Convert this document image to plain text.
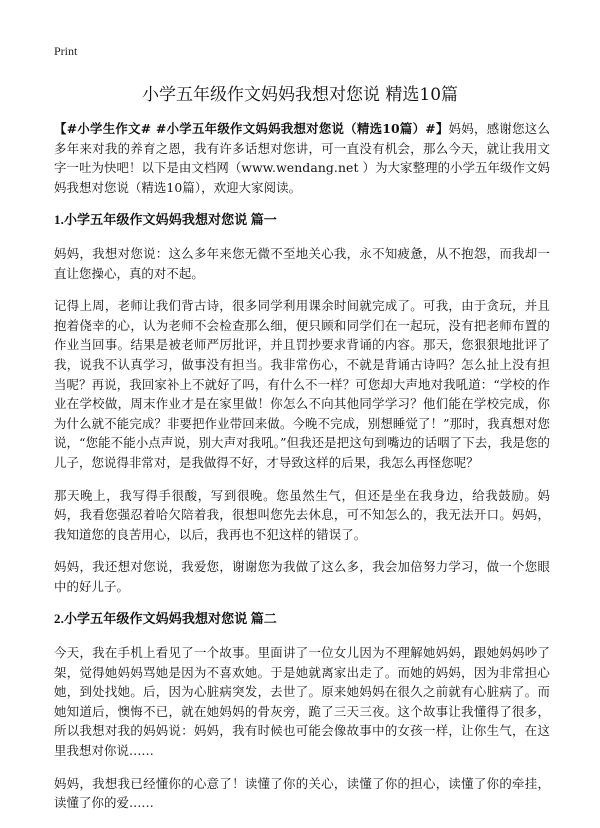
Print
小学五年级作文妈妈我想对您说 精选10篇

【#小学生作文# #小学五年级作文妈妈我想对您说（精选10篇）#】妈妈，感谢您这么多年来对我的养育之恩，我有许多话想对您讲，可一直没有机会，那么今天，就让我用文字一吐为快吧！以下是由文档网（www.wendang.net ）为大家整理的小学五年级作文妈妈我想对您说（精选10篇），欢迎大家阅读。

1.小学五年级作文妈妈我想对您说 篇一

妈妈，我想对您说：这么多年来您无微不至地关心我，永不知疲惫，从不抱怨，而我却一直让您操心，真的对不起。

记得上周，老师让我们背古诗，很多同学利用课余时间就完成了。可我，由于贪玩，并且抱着侥幸的心，认为老师不会检查那么细，便只顾和同学们在一起玩，没有把老师布置的作业当回事。结果是被老师严厉批评，并且罚抄要求背诵的内容。那天，您狠狠地批评了我，说我不认真学习，做事没有担当。我非常伤心，不就是背诵古诗吗？怎么扯上没有担当呢？再说，我回家补上不就好了吗，有什么不一样？可您却大声地对我吼道：“学校的作业在学校做，周末作业才是在家里做！你怎么不向其他同学学习？他们能在学校完成，你为什么就不能完成？非要把作业带回来做。今晚不完成，别想睡觉了！”那时，我真想对您说，“您能不能小点声说，别大声对我吼。”但我还是把这句到嘴边的话咽了下去，我是您的儿子，您说得非常对，是我做得不好，才导致这样的后果，我怎么再怪您呢？

那天晚上，我写得手很酸，写到很晚。您虽然生气，但还是坐在我身边，给我鼓励。妈妈，我看您强忍着哈欠陪着我，很想叫您先去休息，可不知怎么的，我无法开口。妈妈，我知道您的良苦用心，以后，我再也不犯这样的错误了。

妈妈，我还想对您说，我爱您，谢谢您为我做了这么多，我会加倍努力学习，做一个您眼中的好儿子。

2.小学五年级作文妈妈我想对您说 篇二

今天，我在手机上看见了一个故事。里面讲了一位女儿因为不理解她妈妈，跟她妈妈吵了架，觉得她妈妈骂她是因为不喜欢她。于是她就离家出走了。而她的妈妈，因为非常担心她，到处找她。后，因为心脏病突发，去世了。原来她妈妈在很久之前就有心脏病了。而她知道后，懊悔不已，就在她妈妈的骨灰旁，跪了三天三夜。这个故事让我懂得了很多，所以我想对我的妈妈说：妈妈，我有时候也可能会像故事中的女孩一样，让你生气，在这里我想对你说……

妈妈，我想我已经懂你的心意了！读懂了你的关心，读懂了你的担心，读懂了你的牵挂，读懂了你的爱……
